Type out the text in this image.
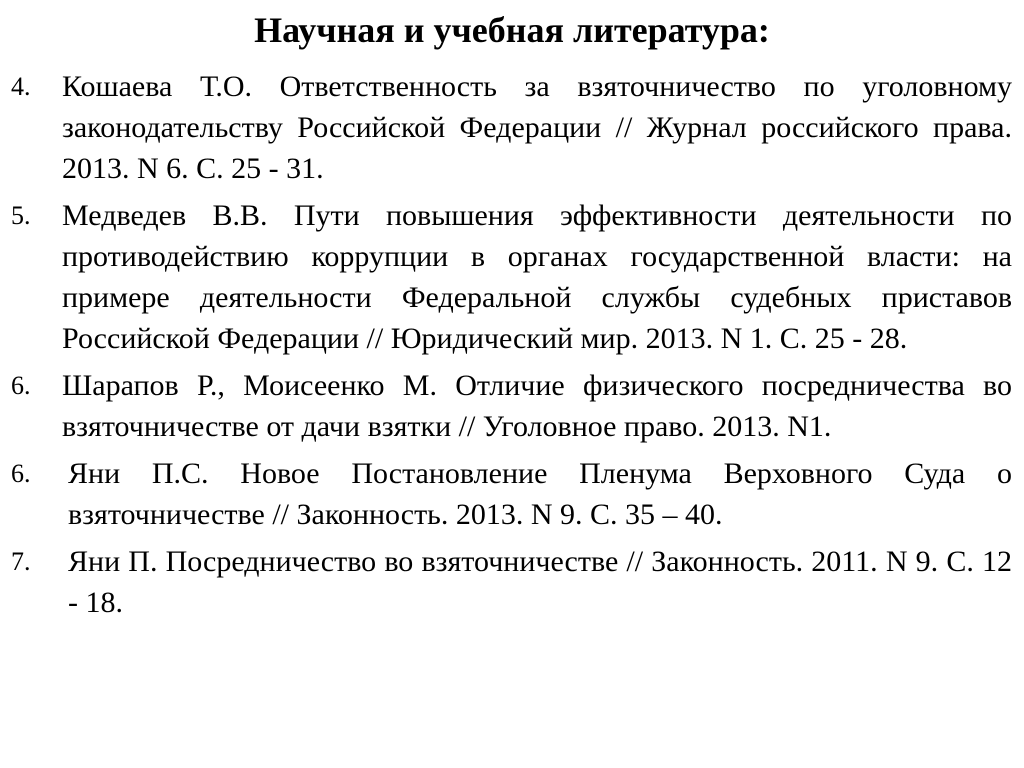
Научная и учебная литература:
4. Кошаева Т.О. Ответственность за взяточничество по уголовному законодательству Российской Федерации // Журнал российского права. 2013. N 6. С. 25 - 31.
5. Медведев В.В. Пути повышения эффективности деятельности по противодействию коррупции в органах государственной власти: на примере деятельности Федеральной службы судебных приставов Российской Федерации // Юридический мир. 2013. N 1. С. 25 - 28.
6. Шарапов Р., Моисеенко М. Отличие физического посредничества во взяточничестве от дачи взятки // Уголовное право. 2013. N1.
6. Яни П.С. Новое Постановление Пленума Верховного Суда о взяточничестве // Законность. 2013. N 9. С. 35 – 40.
7. Яни П. Посредничество во взяточничестве // Законность. 2011. N 9. С. 12 - 18.
